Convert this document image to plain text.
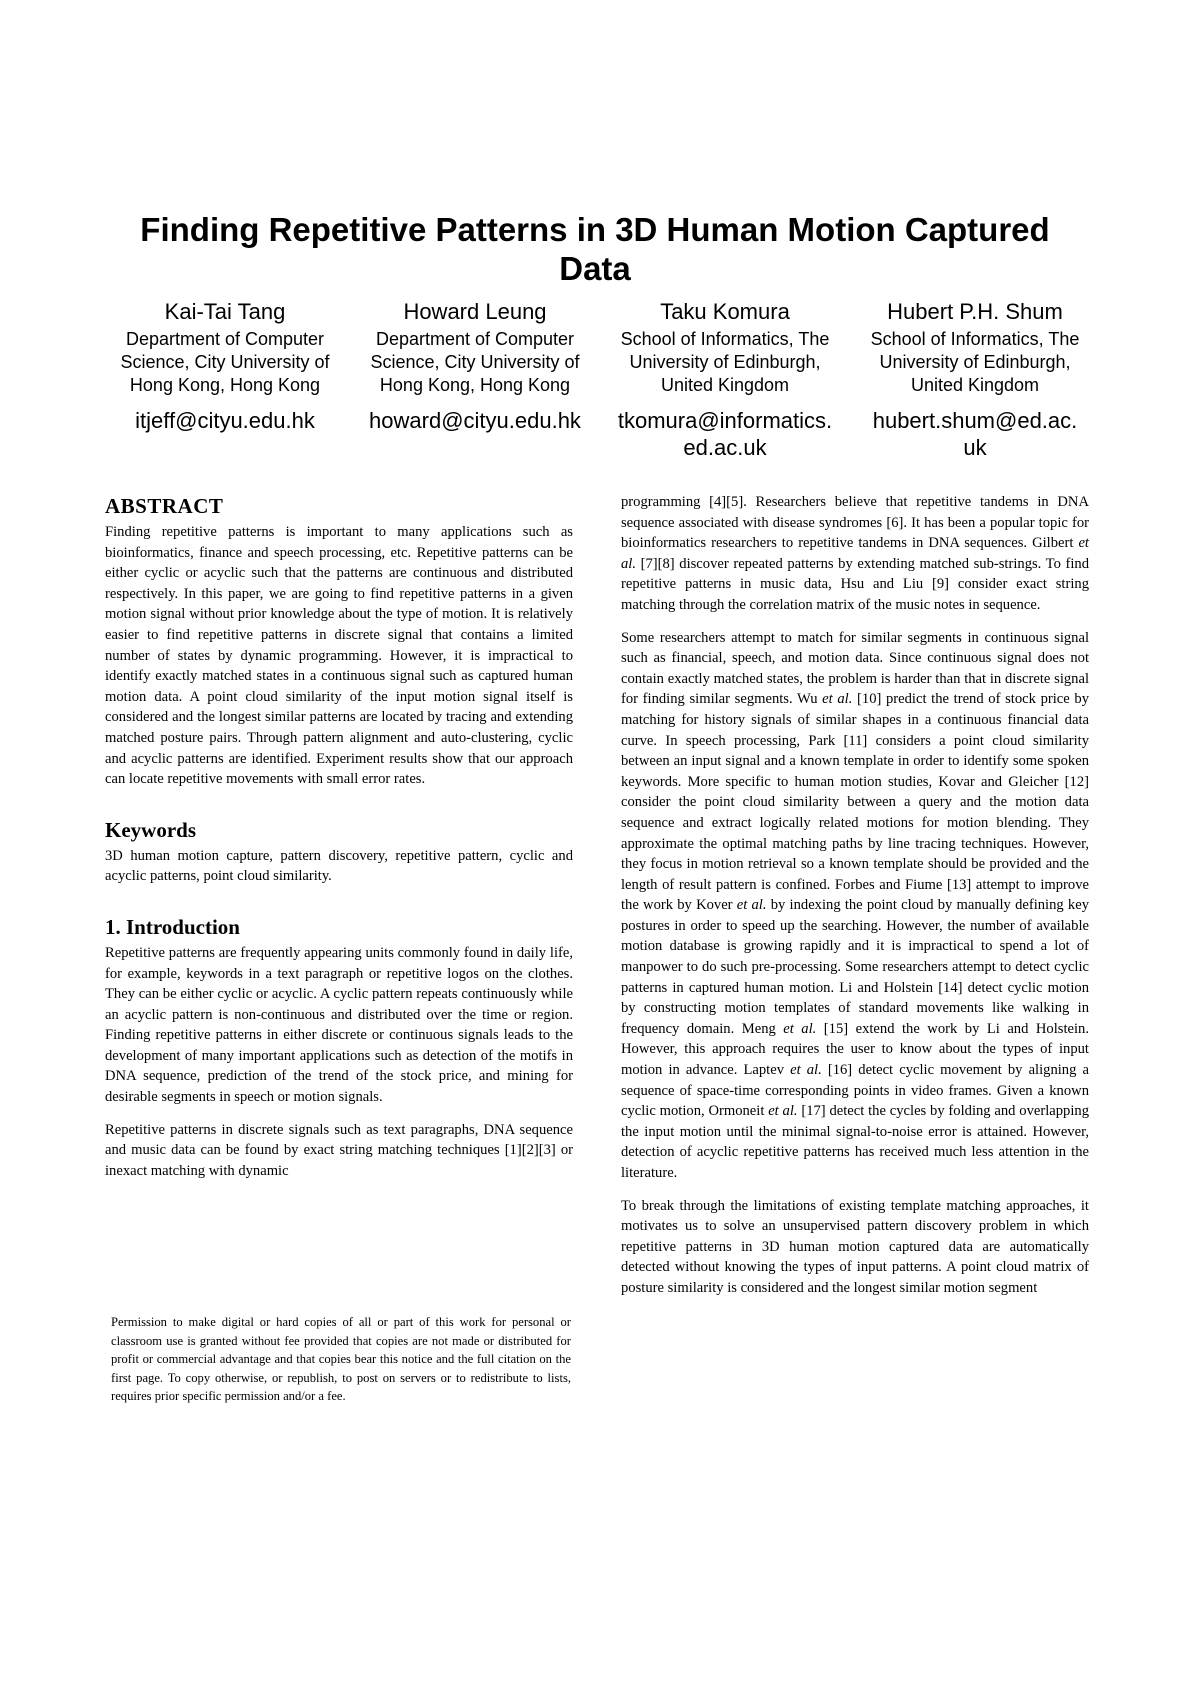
Finding Repetitive Patterns in 3D Human Motion Captured Data
Kai-Tai Tang
Department of Computer
Science, City University of
Hong Kong, Hong Kong
itjeff@cityu.edu.hk
Howard Leung
Department of Computer
Science, City University of
Hong Kong, Hong Kong
howard@cityu.edu.hk
Taku Komura
School of Informatics, The
University of Edinburgh,
United Kingdom
tkomura@informatics.
ed.ac.uk
Hubert P.H. Shum
School of Informatics, The
University of Edinburgh,
United Kingdom
hubert.shum@ed.ac.
uk
ABSTRACT

Finding repetitive patterns is important to many applications such as bioinformatics, finance and speech processing, etc. Repetitive patterns can be either cyclic or acyclic such that the patterns are continuous and distributed respectively. In this paper, we are going to find repetitive patterns in a given motion signal without prior knowledge about the type of motion. It is relatively easier to find repetitive patterns in discrete signal that contains a limited number of states by dynamic programming. However, it is impractical to identify exactly matched states in a continuous signal such as captured human motion data. A point cloud similarity of the input motion signal itself is considered and the longest similar patterns are located by tracing and extending matched posture pairs. Through pattern alignment and auto-clustering, cyclic and acyclic patterns are identified. Experiment results show that our approach can locate repetitive movements with small error rates.

Keywords

3D human motion capture, pattern discovery, repetitive pattern, cyclic and acyclic patterns, point cloud similarity.

1. Introduction

Repetitive patterns are frequently appearing units commonly found in daily life, for example, keywords in a text paragraph or repetitive logos on the clothes. They can be either cyclic or acyclic. A cyclic pattern repeats continuously while an acyclic pattern is non-continuous and distributed over the time or region. Finding repetitive patterns in either discrete or continuous signals leads to the development of many important applications such as detection of the motifs in DNA sequence, prediction of the trend of the stock price, and mining for desirable segments in speech or motion signals.

Repetitive patterns in discrete signals such as text paragraphs, DNA sequence and music data can be found by exact string matching techniques [1][2][3] or inexact matching with dynamic

Permission to make digital or hard copies of all or part of this work for personal or classroom use is granted without fee provided that copies are not made or distributed for profit or commercial advantage and that copies bear this notice and the full citation on the first page. To copy otherwise, or republish, to post on servers or to redistribute to lists, requires prior specific permission and/or a fee.

programming [4][5]. Researchers believe that repetitive tandems in DNA sequence associated with disease syndromes [6]. It has been a popular topic for bioinformatics researchers to repetitive tandems in DNA sequences. Gilbert et al. [7][8] discover repeated patterns by extending matched sub-strings. To find repetitive patterns in music data, Hsu and Liu [9] consider exact string matching through the correlation matrix of the music notes in sequence.

Some researchers attempt to match for similar segments in continuous signal such as financial, speech, and motion data. Since continuous signal does not contain exactly matched states, the problem is harder than that in discrete signal for finding similar segments. Wu et al. [10] predict the trend of stock price by matching for history signals of similar shapes in a continuous financial data curve. In speech processing, Park [11] considers a point cloud similarity between an input signal and a known template in order to identify some spoken keywords. More specific to human motion studies, Kovar and Gleicher [12] consider the point cloud similarity between a query and the motion data sequence and extract logically related motions for motion blending. They approximate the optimal matching paths by line tracing techniques. However, they focus in motion retrieval so a known template should be provided and the length of result pattern is confined. Forbes and Fiume [13] attempt to improve the work by Kover et al. by indexing the point cloud by manually defining key postures in order to speed up the searching. However, the number of available motion database is growing rapidly and it is impractical to spend a lot of manpower to do such pre-processing. Some researchers attempt to detect cyclic patterns in captured human motion. Li and Holstein [14] detect cyclic motion by constructing motion templates of standard movements like walking in frequency domain. Meng et al. [15] extend the work by Li and Holstein. However, this approach requires the user to know about the types of input motion in advance. Laptev et al. [16] detect cyclic movement by aligning a sequence of space-time corresponding points in video frames. Given a known cyclic motion, Ormoneit et al. [17] detect the cycles by folding and overlapping the input motion until the minimal signal-to-noise error is attained. However, detection of acyclic repetitive patterns has received much less attention in the literature.

To break through the limitations of existing template matching approaches, it motivates us to solve an unsupervised pattern discovery problem in which repetitive patterns in 3D human motion captured data are automatically detected without knowing the types of input patterns. A point cloud matrix of posture similarity is considered and the longest similar motion segment
